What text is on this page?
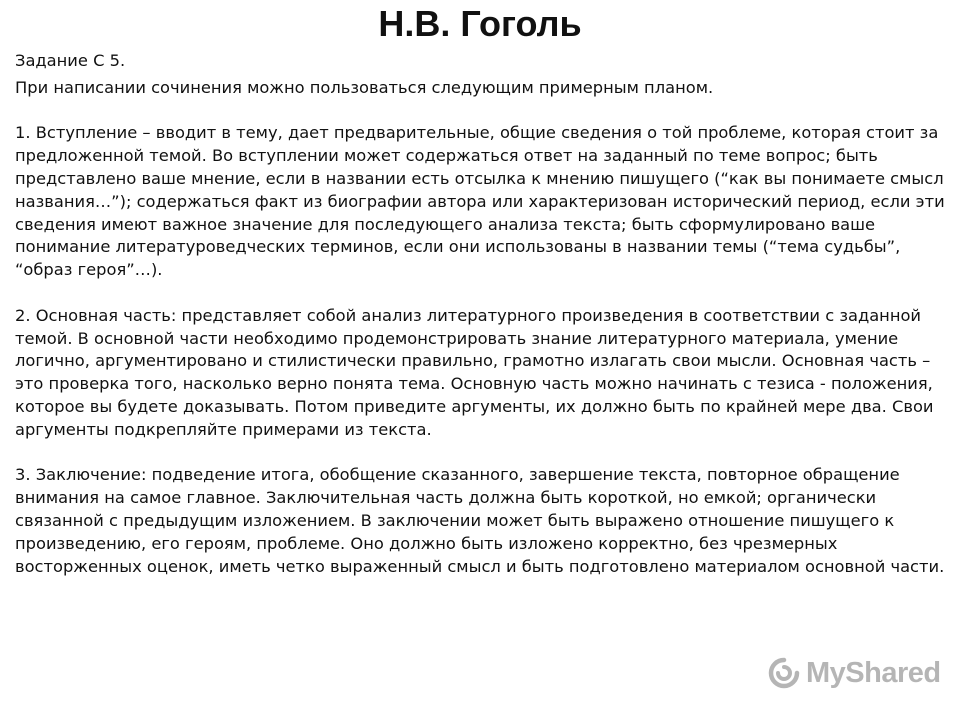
Н.В. Гоголь

Задание С 5.

При написании сочинения можно пользоваться следующим примерным планом.

1. Вступление – вводит в тему, дает предварительные, общие сведения о той проблеме, которая стоит за предложенной темой. Во вступлении может содержаться ответ на заданный по теме вопрос; быть представлено ваше мнение, если в названии есть отсылка к мнению пишущего (“как вы понимаете смысл названия…”); содержаться факт из биографии автора или характеризован исторический период, если эти сведения имеют важное значение для последующего анализа текста; быть сформулировано ваше понимание литературоведческих терминов, если они использованы в названии темы (“тема судьбы”, “образ героя”…).

2. Основная часть: представляет собой анализ литературного произведения в соответствии с заданной темой. В основной части необходимо продемонстрировать знание литературного материала, умение логично, аргументировано и стилистически правильно, грамотно излагать свои мысли. Основная часть – это проверка того, насколько верно понята тема. Основную часть можно начинать с тезиса - положения, которое вы будете доказывать. Потом приведите аргументы, их должно быть по крайней мере два. Свои аргументы подкрепляйте примерами из текста.

3. Заключение: подведение итога, обобщение сказанного, завершение текста, повторное обращение внимания на самое главное. Заключительная часть должна быть короткой, но емкой; органически связанной с предыдущим изложением. В заключении может быть выражено отношение пишущего к произведению, его героям, проблеме. Оно должно быть изложено корректно, без чрезмерных восторженных оценок, иметь четко выраженный смысл и быть подготовлено материалом основной части.

MyShared
